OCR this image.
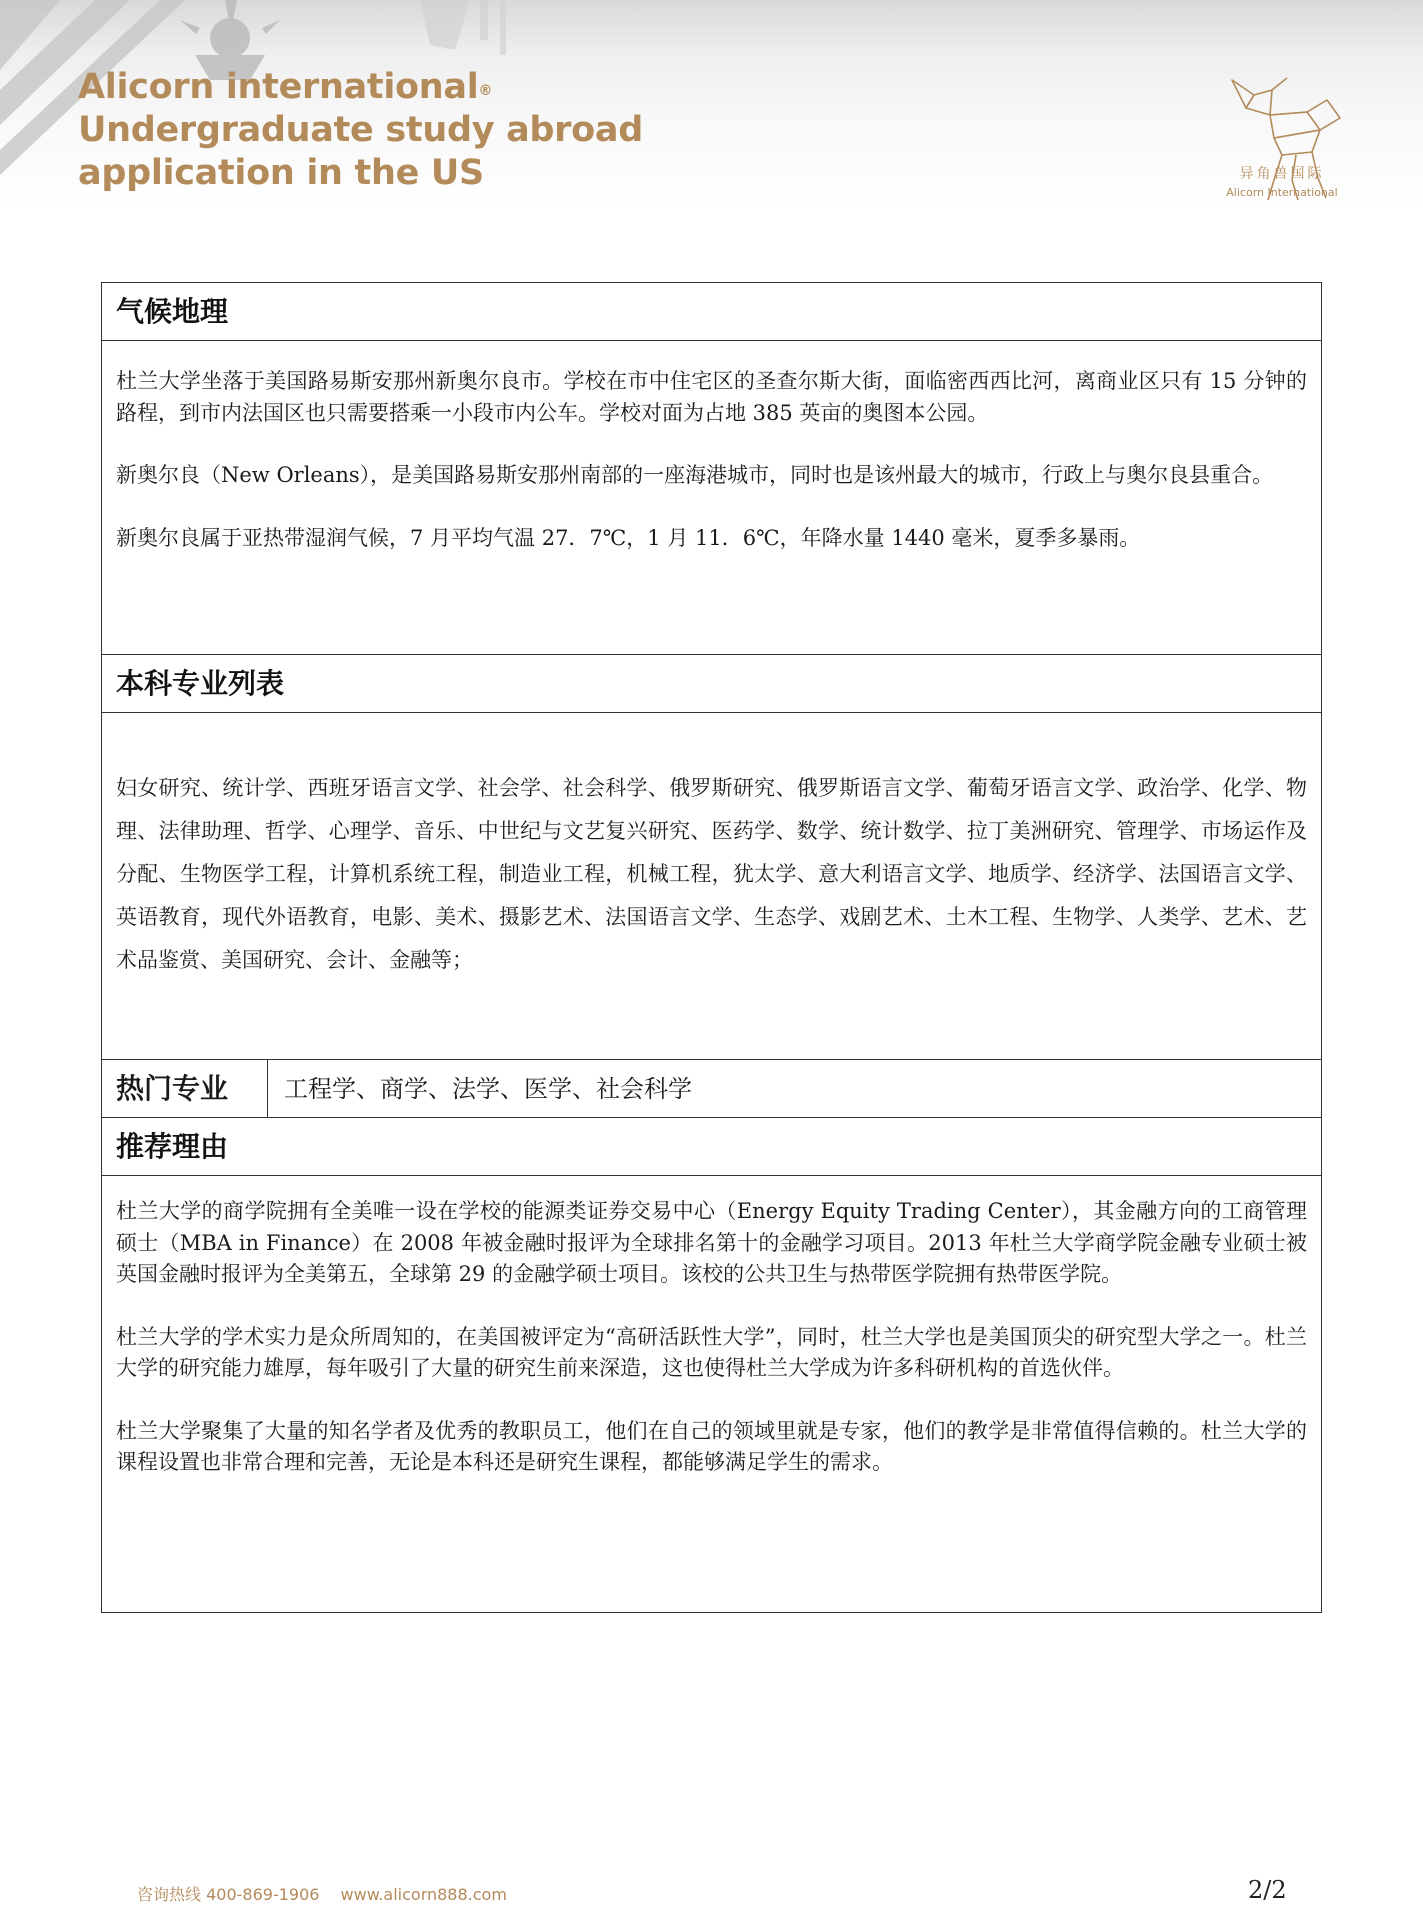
Alicorn international®
Undergraduate study abroad
application in the US	异角兽国际
Alicorn International
气候地理

杜兰大学坐落于美国路易斯安那州新奥尔良市。学校在市中住宅区的圣查尔斯大街，面临密西西比河，离商业区只有 15 分钟的路程，到市内法国区也只需要搭乘一小段市内公车。学校对面为占地 385 英亩的奥图本公园。

新奥尔良（New Orleans），是美国路易斯安那州南部的一座海港城市，同时也是该州最大的城市，行政上与奥尔良县重合。

新奥尔良属于亚热带湿润气候，7 月平均气温 27．7℃，1 月 11．6℃，年降水量 1440 毫米，夏季多暴雨。

本科专业列表

妇女研究、统计学、西班牙语言文学、社会学、社会科学、俄罗斯研究、俄罗斯语言文学、葡萄牙语言文学、政治学、化学、物理、法律助理、哲学、心理学、音乐、中世纪与文艺复兴研究、医药学、数学、统计数学、拉丁美洲研究、管理学、市场运作及分配、生物医学工程，计算机系统工程，制造业工程，机械工程，犹太学、意大利语言文学、地质学、经济学、法国语言文学、英语教育，现代外语教育，电影、美术、摄影艺术、法国语言文学、生态学、戏剧艺术、土木工程、生物学、人类学、艺术、艺术品鉴赏、美国研究、会计、金融等；

热门专业	工程学、商学、法学、医学、社会科学
推荐理由

杜兰大学的商学院拥有全美唯一设在学校的能源类证券交易中心（Energy Equity Trading Center），其金融方向的工商管理硕士（MBA in Finance）在 2008 年被金融时报评为全球排名第十的金融学习项目。2013 年杜兰大学商学院金融专业硕士被英国金融时报评为全美第五，全球第 29 的金融学硕士项目。该校的公共卫生与热带医学院拥有热带医学院。

杜兰大学的学术实力是众所周知的，在美国被评定为“高研活跃性大学”，同时，杜兰大学也是美国顶尖的研究型大学之一。杜兰大学的研究能力雄厚，每年吸引了大量的研究生前来深造，这也使得杜兰大学成为许多科研机构的首选伙伴。

杜兰大学聚集了大量的知名学者及优秀的教职员工，他们在自己的领域里就是专家，他们的教学是非常值得信赖的。杜兰大学的课程设置也非常合理和完善，无论是本科还是研究生课程，都能够满足学生的需求。

咨询热线 400-869-1906 www.alicorn888.com	2/2
